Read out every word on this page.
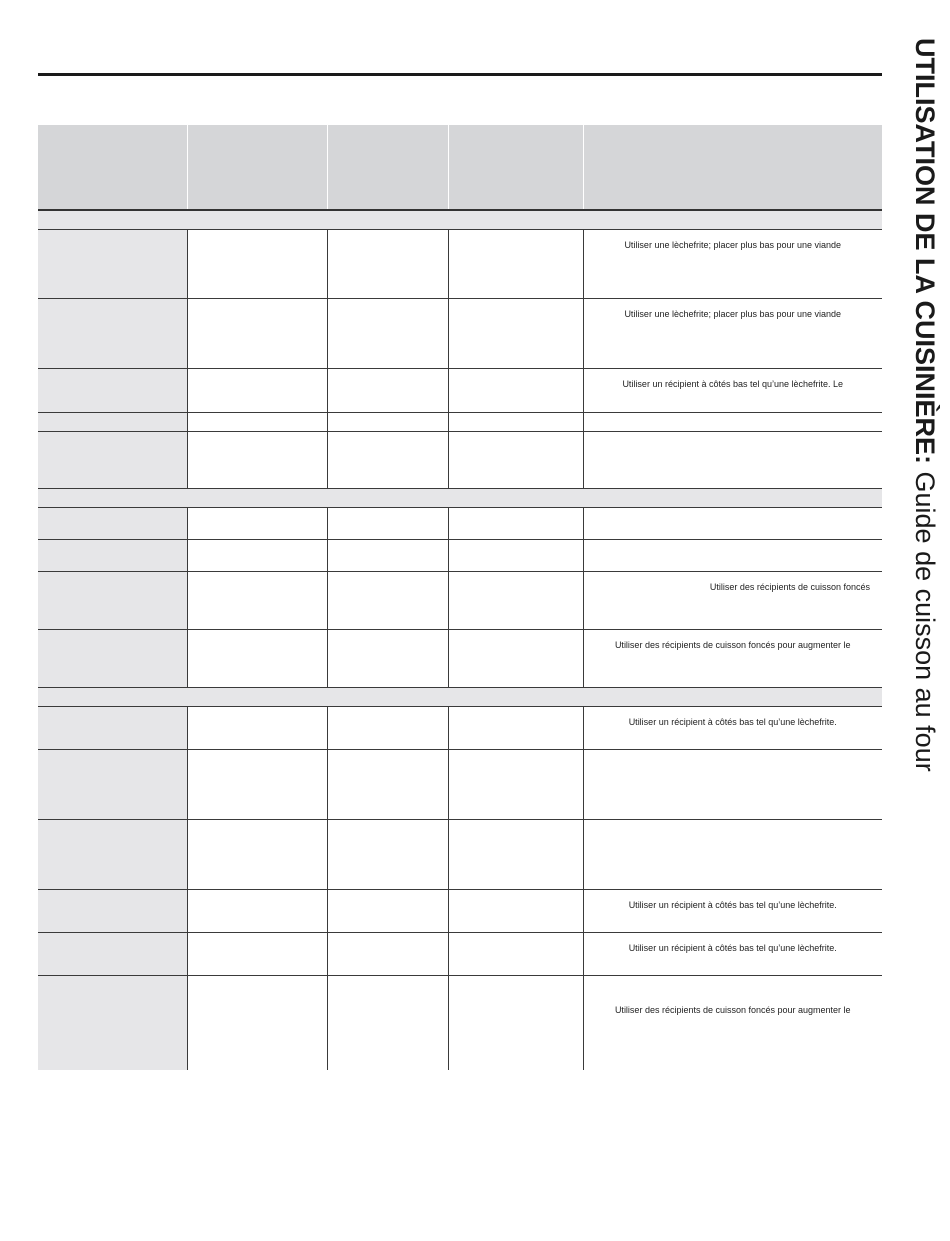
				Utiliser une lèchefrite; placer plus bas pour une viande
				Utiliser une lèchefrite; placer plus bas pour une viande
				Utiliser un récipient à côtés bas tel qu’une lèchefrite. Le

				Utiliser des récipients de cuisson foncés
				Utiliser des récipients de cuisson foncés pour augmenter le

				Utiliser un récipient à côtés bas tel qu’une lèchefrite.

				Utiliser un récipient à côtés bas tel qu’une lèchefrite.
				Utiliser un récipient à côtés bas tel qu’une lèchefrite.
				Utiliser des récipients de cuisson foncés pour augmenter le
UTILISATION DE LA CUISINIÈRE: Guide de cuisson au four
